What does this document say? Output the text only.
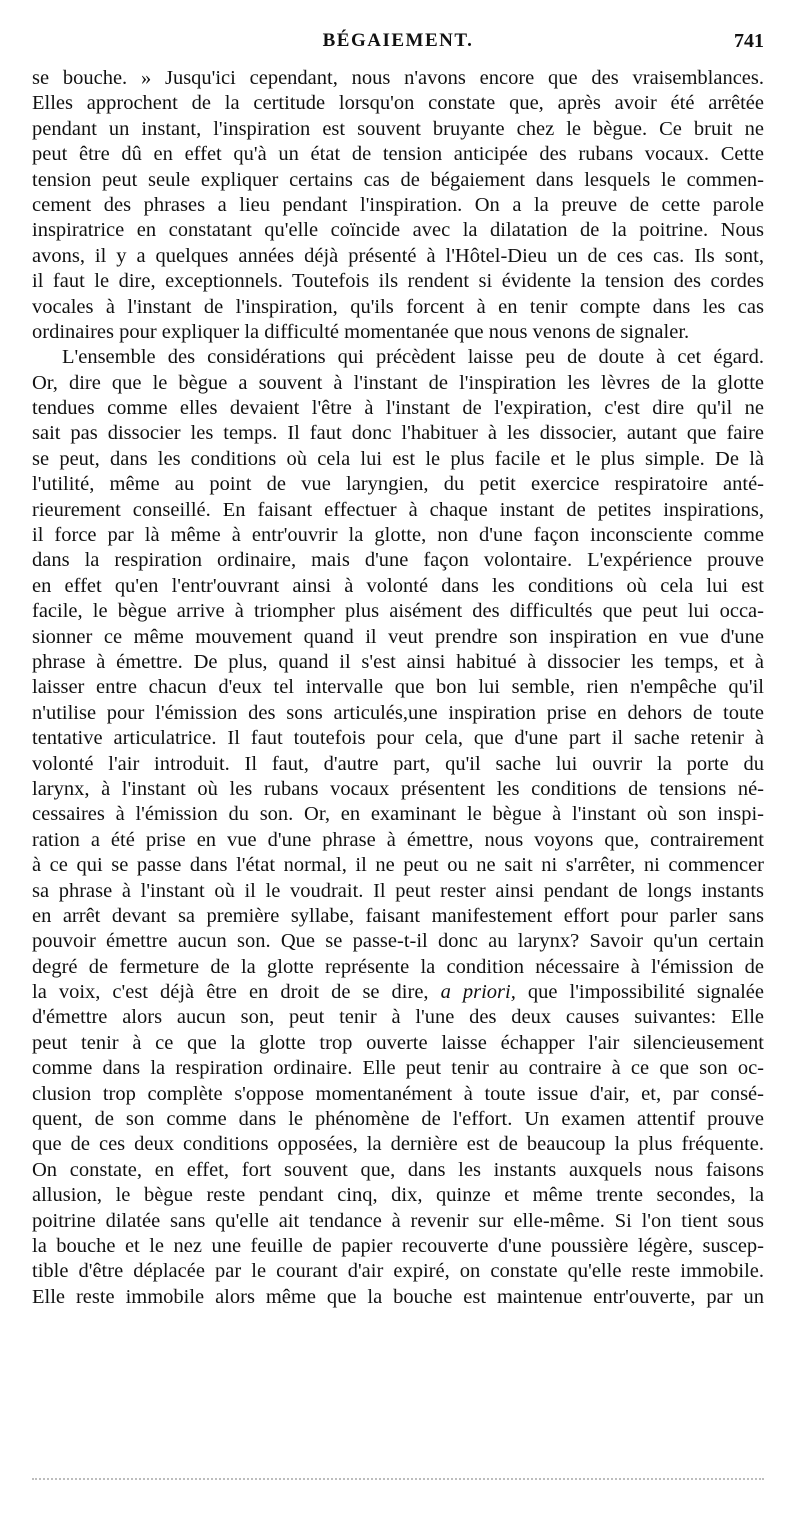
BÉGAIEMENT.	741
se bouche. » Jusqu'ici cependant, nous n'avons encore que des vraisemblances.
Elles approchent de la certitude lorsqu'on constate que, après avoir été arrêtée
pendant un instant, l'inspiration est souvent bruyante chez le bègue. Ce bruit ne
peut être dû en effet qu'à un état de tension anticipée des rubans vocaux. Cette
tension peut seule expliquer certains cas de bégaiement dans lesquels le commen-
cement des phrases a lieu pendant l'inspiration. On a la preuve de cette parole
inspiratrice en constatant qu'elle coïncide avec la dilatation de la poitrine. Nous
avons, il y a quelques années déjà présenté à l'Hôtel-Dieu un de ces cas. Ils sont,
il faut le dire, exceptionnels. Toutefois ils rendent si évidente la tension des cordes
vocales à l'instant de l'inspiration, qu'ils forcent à en tenir compte dans les cas
ordinaires pour expliquer la difficulté momentanée que nous venons de signaler.
L'ensemble des considérations qui précèdent laisse peu de doute à cet égard.
Or, dire que le bègue a souvent à l'instant de l'inspiration les lèvres de la glotte
tendues comme elles devaient l'être à l'instant de l'expiration, c'est dire qu'il ne
sait pas dissocier les temps. Il faut donc l'habituer à les dissocier, autant que faire
se peut, dans les conditions où cela lui est le plus facile et le plus simple. De là
l'utilité, même au point de vue laryngien, du petit exercice respiratoire anté-
rieurement conseillé. En faisant effectuer à chaque instant de petites inspirations,
il force par là même à entr'ouvrir la glotte, non d'une façon inconsciente comme
dans la respiration ordinaire, mais d'une façon volontaire. L'expérience prouve
en effet qu'en l'entr'ouvrant ainsi à volonté dans les conditions où cela lui est
facile, le bègue arrive à triompher plus aisément des difficultés que peut lui occa-
sionner ce même mouvement quand il veut prendre son inspiration en vue d'une
phrase à émettre. De plus, quand il s'est ainsi habitué à dissocier les temps, et à
laisser entre chacun d'eux tel intervalle que bon lui semble, rien n'empêche qu'il
n'utilise pour l'émission des sons articulés,une inspiration prise en dehors de toute
tentative articulatrice. Il faut toutefois pour cela, que d'une part il sache retenir à
volonté l'air introduit. Il faut, d'autre part, qu'il sache lui ouvrir la porte du
larynx, à l'instant où les rubans vocaux présentent les conditions de tensions né-
cessaires à l'émission du son. Or, en examinant le bègue à l'instant où son inspi-
ration a été prise en vue d'une phrase à émettre, nous voyons que, contrairement
à ce qui se passe dans l'état normal, il ne peut ou ne sait ni s'arrêter, ni commencer
sa phrase à l'instant où il le voudrait. Il peut rester ainsi pendant de longs instants
en arrêt devant sa première syllabe, faisant manifestement effort pour parler sans
pouvoir émettre aucun son. Que se passe-t-il donc au larynx? Savoir qu'un certain
degré de fermeture de la glotte représente la condition nécessaire à l'émission de
la voix, c'est déjà être en droit de se dire, a priori, que l'impossibilité signalée
d'émettre alors aucun son, peut tenir à l'une des deux causes suivantes: Elle
peut tenir à ce que la glotte trop ouverte laisse échapper l'air silencieusement
comme dans la respiration ordinaire. Elle peut tenir au contraire à ce que son oc-
clusion trop complète s'oppose momentanément à toute issue d'air, et, par consé-
quent, de son comme dans le phénomène de l'effort. Un examen attentif prouve
que de ces deux conditions opposées, la dernière est de beaucoup la plus fréquente.
On constate, en effet, fort souvent que, dans les instants auxquels nous faisons
allusion, le bègue reste pendant cinq, dix, quinze et même trente secondes, la
poitrine dilatée sans qu'elle ait tendance à revenir sur elle-même. Si l'on tient sous
la bouche et le nez une feuille de papier recouverte d'une poussière légère, suscep-
tible d'être déplacée par le courant d'air expiré, on constate qu'elle reste immobile.
Elle reste immobile alors même que la bouche est maintenue entr'ouverte, par un
